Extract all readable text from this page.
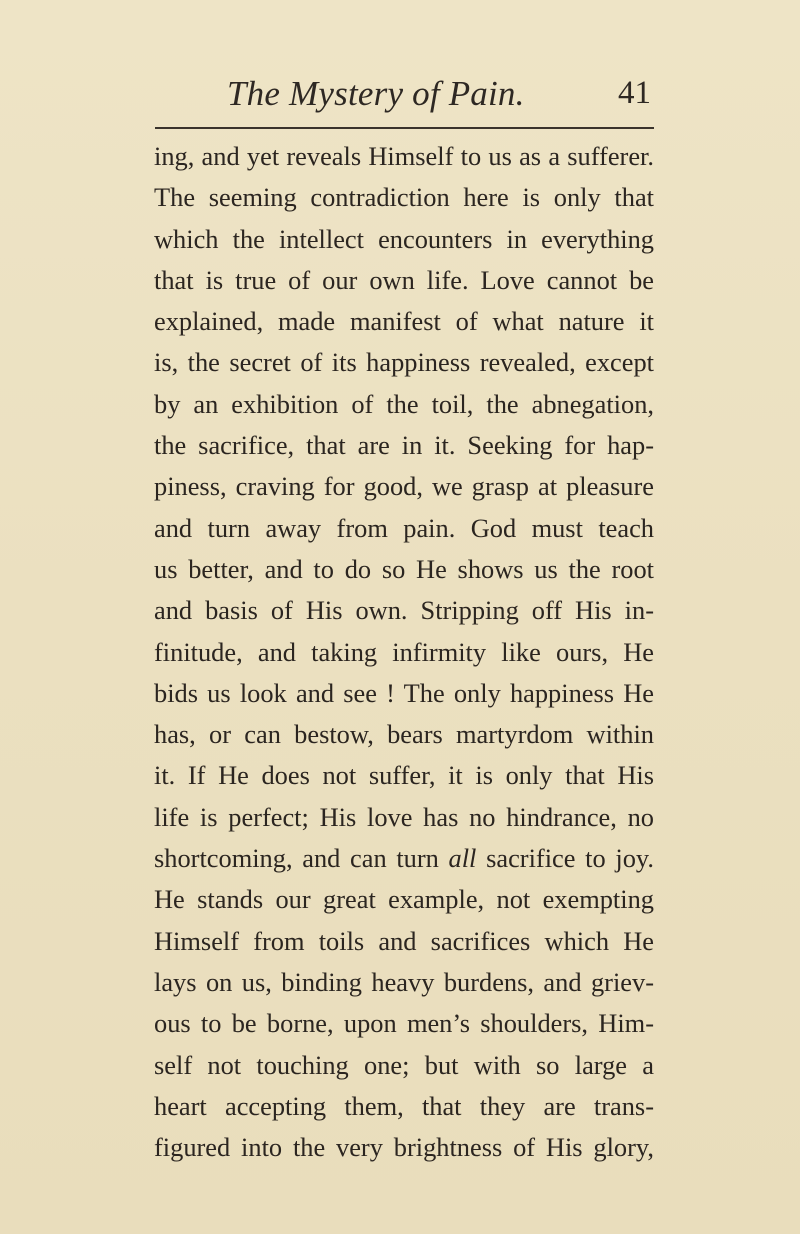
The Mystery of Pain.	41
ing, and yet reveals Himself to us as a sufferer.
The seeming contradiction here is only that
which the intellect encounters in everything
that is true of our own life. Love cannot be
explained, made manifest of what nature it
is, the secret of its happiness revealed, except
by an exhibition of the toil, the abnegation,
the sacrifice, that are in it. Seeking for hap-
piness, craving for good, we grasp at pleasure
and turn away from pain. God must teach
us better, and to do so He shows us the root
and basis of His own. Stripping off His in-
finitude, and taking infirmity like ours, He
bids us look and see ! The only happiness He
has, or can bestow, bears martyrdom within
it. If He does not suffer, it is only that His
life is perfect; His love has no hindrance, no
shortcoming, and can turn all sacrifice to joy.
He stands our great example, not exempting
Himself from toils and sacrifices which He
lays on us, binding heavy burdens, and griev-
ous to be borne, upon men’s shoulders, Him-
self not touching one; but with so large a
heart accepting them, that they are trans-
figured into the very brightness of His glory,
